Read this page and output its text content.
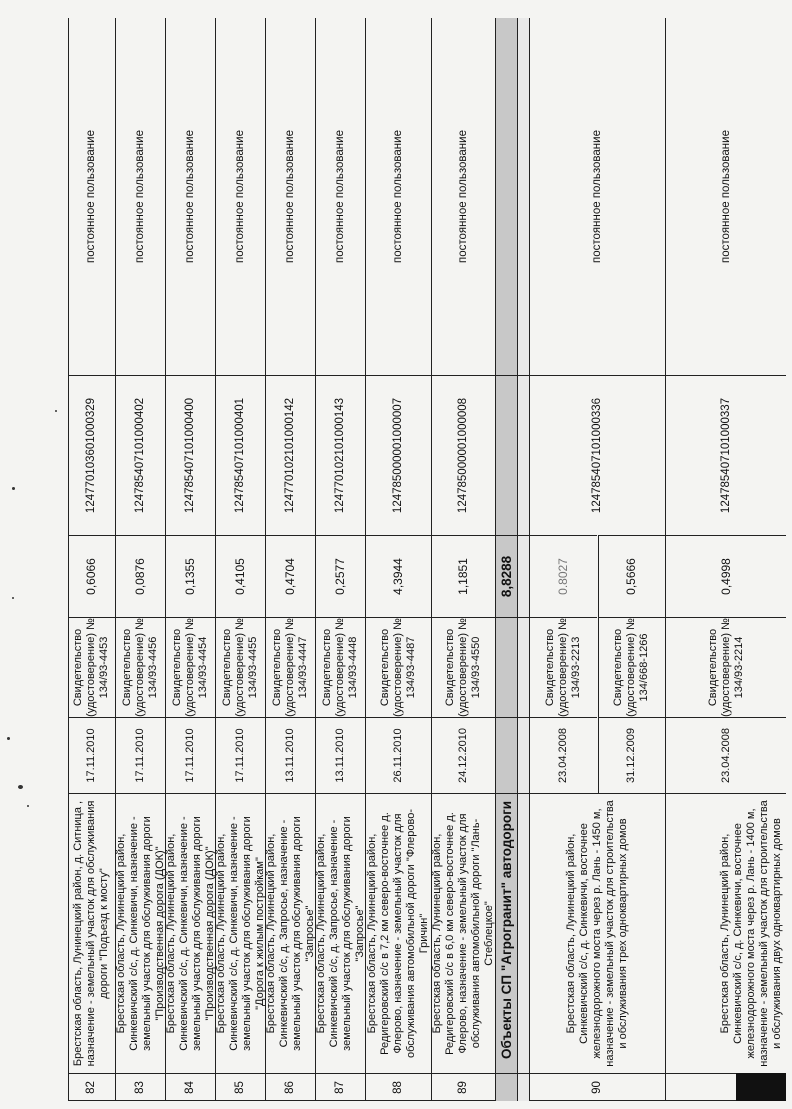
82
Брестская область, Лунинецкий район, д. Ситница , назначение - земельный участок для обслуживания дороги "Подъезд к мосту"
17.11.2010
Свидетельство (удостоверение) № 134/93-4453
0,6066
124770103601000329
постоянное пользование
83
Брестская область, Лунинецкий район, Синкевичский с/с, д. Синкевичи, назначение - земельный участок для обслуживания дороги "Производственная дорога (ДОК)"
17.11.2010
Свидетельство (удостоверение) № 134/93-4456
0,0876
124785407101000402
постоянное пользование
84
Брестская область, Лунинецкий район, Синкевичский с/с, д. Синкевичи, назначение - земельный участок для обслуживания дороги "Производственная дорога (ДОК)"
17.11.2010
Свидетельство (удостоверение) № 134/93-4454
0,1355
124785407101000400
постоянное пользование
85
Брестская область, Лунинецкий район, Синкевичский с/с, д. Синкевичи, назначение - земельный участок для обслуживания дороги "Дорога к жилым постройкам"
17.11.2010
Свидетельство (удостоверение) № 134/93-4455
0,4105
124785407101000401
постоянное пользование
86
Брестская область, Лунинецкий район, Синкевичский с/с, д. Запросье, назначение - земельный участок для обслуживания дороги "Запросье"
13.11.2010
Свидетельство (удостоверение) № 134/93-4447
0,4704
124770102101000142
постоянное пользование
87
Брестская область, Лунинецкий район, Синкевичский с/с, д. Запросье, назначение - земельный участок для обслуживания дороги "Запросье"
13.11.2010
Свидетельство (удостоверение) № 134/93-4448
0,2577
124770102101000143
постоянное пользование
88
Брестская область, Лунинецкий район, Редигеровский с/с в 7,2 км северо-восточнее д. Флерово, назначение - земельный участок для обслуживания автомобильной дороги "Флерово-Гричин"
26.11.2010
Свидетельство (удостоверение) № 134/93-4487
4,3944
124785000001000007
постоянное пользование
89
Брестская область, Лунинецкий район, Редигеровский с/с в 6,0 км северо-восточнее д. Флерово, назначение - земельный участок для обслуживания автомобильной дороги "Лань-Стеблецкое"
24.12.2010
Свидетельство (удостоверение) № 134/93-4550
1,1851
124785000001000008
постоянное пользование
Объекты СП "Агрогранит" автодороги
8,8288
90
Брестская область, Лунинецкий район, Синкевичский с/с, д. Синкевичи, восточнее железнодорожного моста через р. Лань - 1450 м, назначение - земельный участок для строительства и обслуживания трех одноквартирных домов
23.04.2008
Свидетельство (удостоверение) № 134/93-2213
0.8027
31.12.2009
Свидетельство (удостоверение) № 134/668-1266
0,5666
124785407101000336
постоянное пользование
Брестская область, Лунинецкий район, Синкевичский с/с, д. Синкевичи, восточнее железнодорожного моста через р. Лань - 1400 м, назначение - земельный участок для строительства и обслуживания двух одноквартирных домов
23.04.2008
Свидетельство (удостоверение) № 134/93-2214
0,4998
124785407101000337
постоянное пользование
